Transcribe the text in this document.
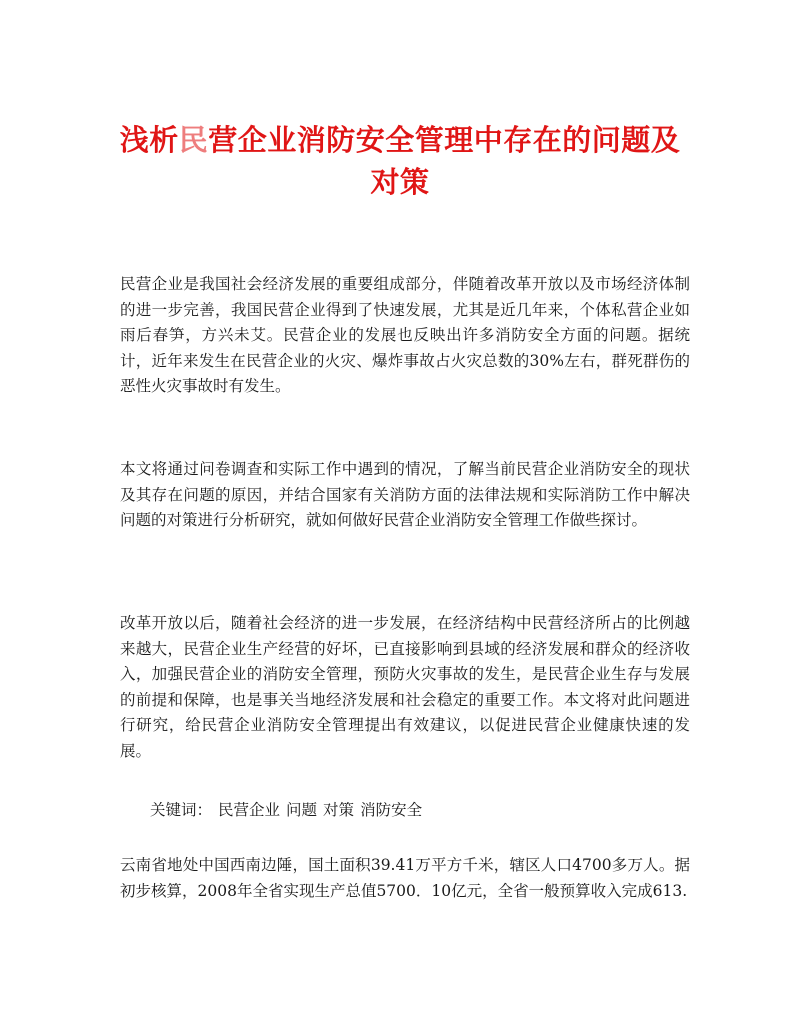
浅析民营企业消防安全管理中存在的问题及
对策

民营企业是我国社会经济发展的重要组成部分，伴随着改革开放以及市场经济体制的进一步完善，我国民营企业得到了快速发展，尤其是近几年来，个体私营企业如雨后春笋，方兴未艾。民营企业的发展也反映出许多消防安全方面的问题。据统计，近年来发生在民营企业的火灾、爆炸事故占火灾总数的30%左右，群死群伤的恶性火灾事故时有发生。

本文将通过问卷调查和实际工作中遇到的情况，了解当前民营企业消防安全的现状及其存在问题的原因，并结合国家有关消防方面的法律法规和实际消防工作中解决问题的对策进行分析研究，就如何做好民营企业消防安全管理工作做些探讨。

改革开放以后，随着社会经济的进一步发展，在经济结构中民营经济所占的比例越来越大，民营企业生产经营的好坏，已直接影响到县域的经济发展和群众的经济收入，加强民营企业的消防安全管理，预防火灾事故的发生，是民营企业生存与发展的前提和保障，也是事关当地经济发展和社会稳定的重要工作。本文将对此问题进行研究，给民营企业消防安全管理提出有效建议，以促进民营企业健康快速的发展。

关键词： 民营企业 问题 对策 消防安全

云南省地处中国西南边陲，国土面积39.41万平方千米，辖区人口4700多万人。据初步核算，2008年全省实现生产总值5700．10亿元，全省一般预算收入完成613.
